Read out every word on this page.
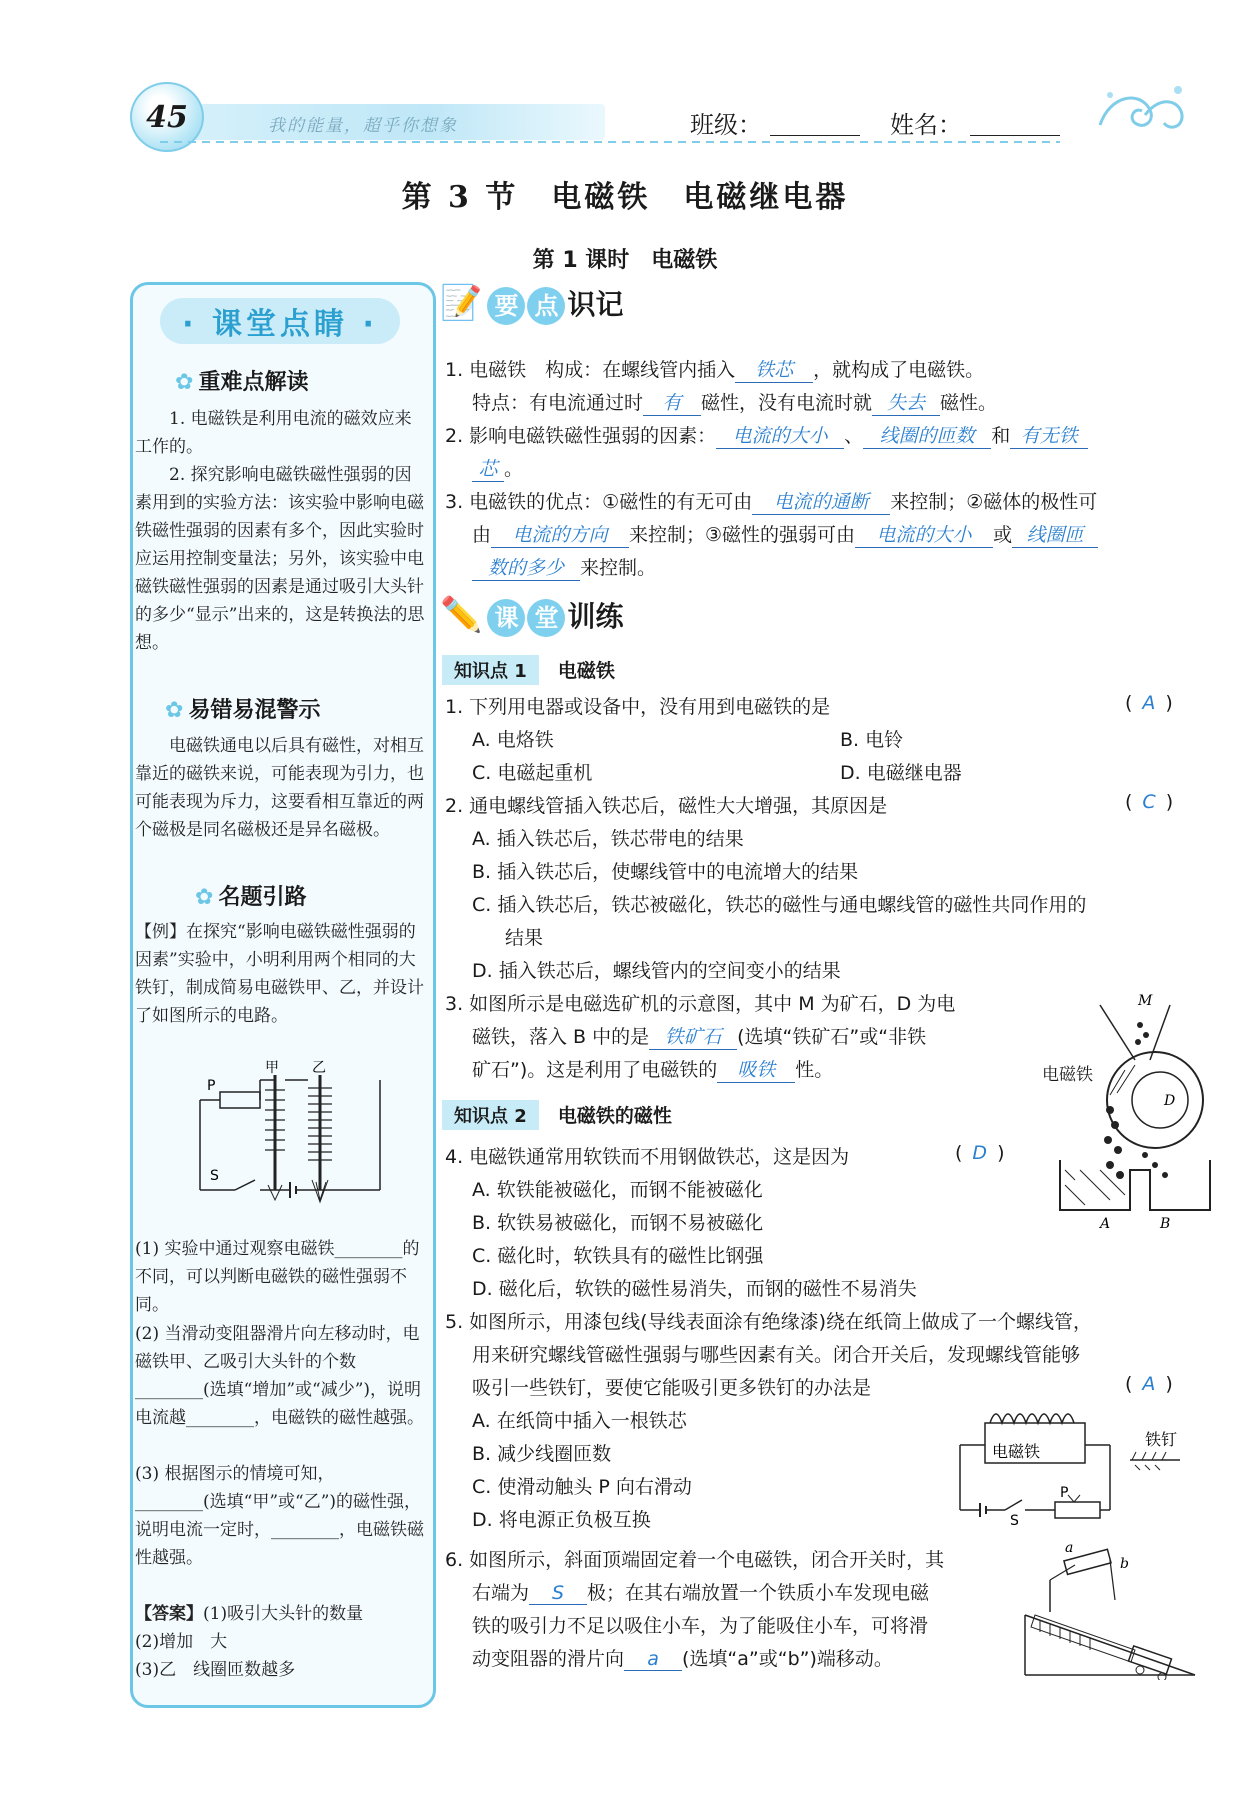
45	我的能量，超乎你想象	班级：	姓名：
第 3 节　电磁铁　电磁继电器
第 1 课时　电磁铁
· 课堂点睛 ·
✿ 重难点解读
1. 电磁铁是利用电流的磁效应来工作的。
2. 探究影响电磁铁磁性强弱的因素用到的实验方法：该实验中影响电磁铁磁性强弱的因素有多个，因此实验时应运用控制变量法；另外，该实验中电磁铁磁性强弱的因素是通过吸引大头针的多少“显示”出来的，这是转换法的思想。
✿ 易错易混警示
电磁铁通电以后具有磁性，对相互靠近的磁铁来说，可能表现为引力，也可能表现为斥力，这要看相互靠近的两个磁极是同名磁极还是异名磁极。
✿ 名题引路
【例】在探究“影响电磁铁磁性强弱的因素”实验中，小明利用两个相同的大铁钉，制成简易电磁铁甲、乙，并设计了如图所示的电路。
P
S
甲 乙
(1) 实验中通过观察电磁铁________的不同，可以判断电磁铁的磁性强弱不同。
(2) 当滑动变阻器滑片向左移动时，电磁铁甲、乙吸引大头针的个数________(选填“增加”或“减少”)，说明电流越________，电磁铁的磁性越强。
(3) 根据图示的情境可知，________(选填“甲”或“乙”)的磁性强，说明电流一定时，________，电磁铁磁性越强。
【答案】(1)吸引大头针的数量
(2)增加　大
(3)乙　线圈匝数越多
📝 要 点 识记
1. 电磁铁　构成：在螺线管内插入 铁芯 ，就构成了电磁铁。
特点：有电流通过时 有 磁性，没有电流时就 失去 磁性。
2. 影响电磁铁磁性强弱的因素： 电流的大小 、 线圈的匝数 和 有无铁
芯 。
3. 电磁铁的优点：①磁性的有无可由 电流的通断 来控制；②磁体的极性可
由 电流的方向 来控制；③磁性的强弱可由 电流的大小 或 线圈匝
数的多少 来控制。
✏️ 课 堂 训练
知识点 1 电磁铁
1. 下列用电器或设备中，没有用到电磁铁的是	( A )
A. 电烙铁	B. 电铃
C. 电磁起重机	D. 电磁继电器
2. 通电螺线管插入铁芯后，磁性大大增强，其原因是	( C )
A. 插入铁芯后，铁芯带电的结果
B. 插入铁芯后，使螺线管中的电流增大的结果
C. 插入铁芯后，铁芯被磁化，铁芯的磁性与通电螺线管的磁性共同作用的
结果
D. 插入铁芯后，螺线管内的空间变小的结果
3. 如图所示是电磁选矿机的示意图，其中 M 为矿石，D 为电
磁铁，落入 B 中的是 铁矿石 (选填“铁矿石”或“非铁
矿石”)。这是利用了电磁铁的 吸铁 性。
M
D
A	B
电磁铁
知识点 2 电磁铁的磁性
4. 电磁铁通常用软铁而不用钢做铁芯，这是因为	( D )
A. 软铁能被磁化，而钢不能被磁化
B. 软铁易被磁化，而钢不易被磁化
C. 磁化时，软铁具有的磁性比钢强
D. 磁化后，软铁的磁性易消失，而钢的磁性不易消失
5. 如图所示，用漆包线(导线表面涂有绝缘漆)绕在纸筒上做成了一个螺线管，
用来研究螺线管磁性强弱与哪些因素有关。闭合开关后，发现螺线管能够
吸引一些铁钉，要使它能吸引更多铁钉的办法是	( A )
A. 在纸筒中插入一根铁芯
B. 减少线圈匝数
C. 使滑动触头 P 向右滑动
D. 将电源正负极互换
电磁铁
P
S
铁钉
6. 如图所示，斜面顶端固定着一个电磁铁，闭合开关时，其
右端为 S 极；在其右端放置一个铁质小车发现电磁
铁的吸引力不足以吸住小车，为了能吸住小车，可将滑
动变阻器的滑片向 a (选填“a”或“b”)端移动。
a
b
